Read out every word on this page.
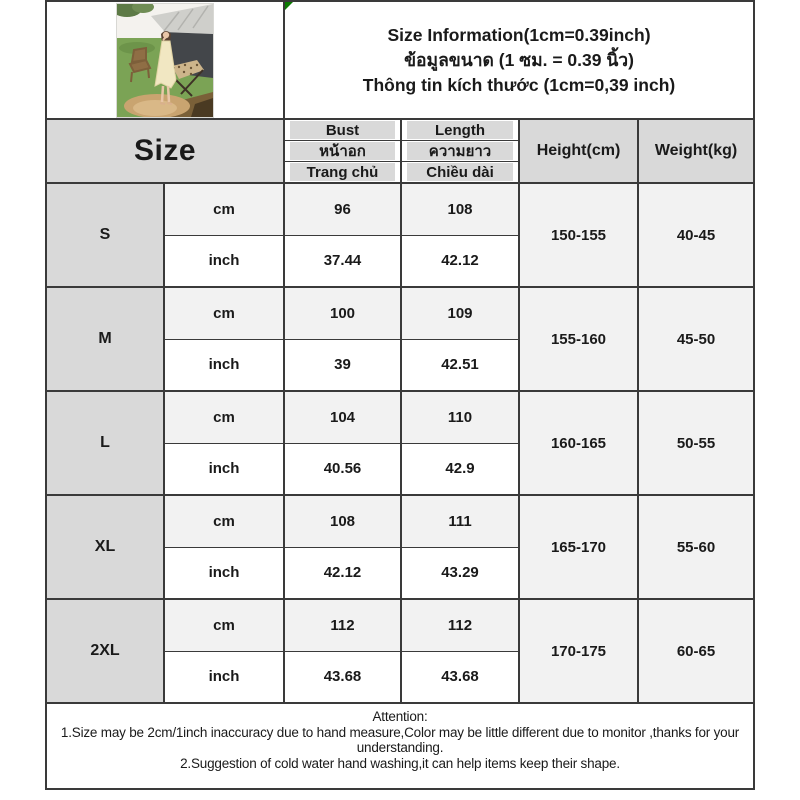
Size Information(1cm=0.39inch)
ข้อมูลขนาด (1 ซม. = 0.39 นิ้ว)
Thông tin kích thước (1cm=0,39 inch)			

Size		Bust	Length	Height(cm)	Weight(kg)

หน้าอก	ความยาว		

Trang chủ	Chiều dài		

S	cm	96	108	150-155	40-45
	inch	37.44	42.12		
M	cm	100	109	155-160	45-50
	inch	39	42.51		
L	cm	104	110	160-165	50-55
	inch	40.56	42.9		
XL	cm	108	111	165-170	55-60
	inch	42.12	43.29		
2XL	cm	112	112	170-175	60-65
	inch	43.68	43.68		

Attention:
1.Size may be 2cm/1inch inaccuracy due to hand measure,Color may be little different due to monitor ,thanks for your understanding.
2.Suggestion of cold water hand washing,it can help items keep their shape.					
